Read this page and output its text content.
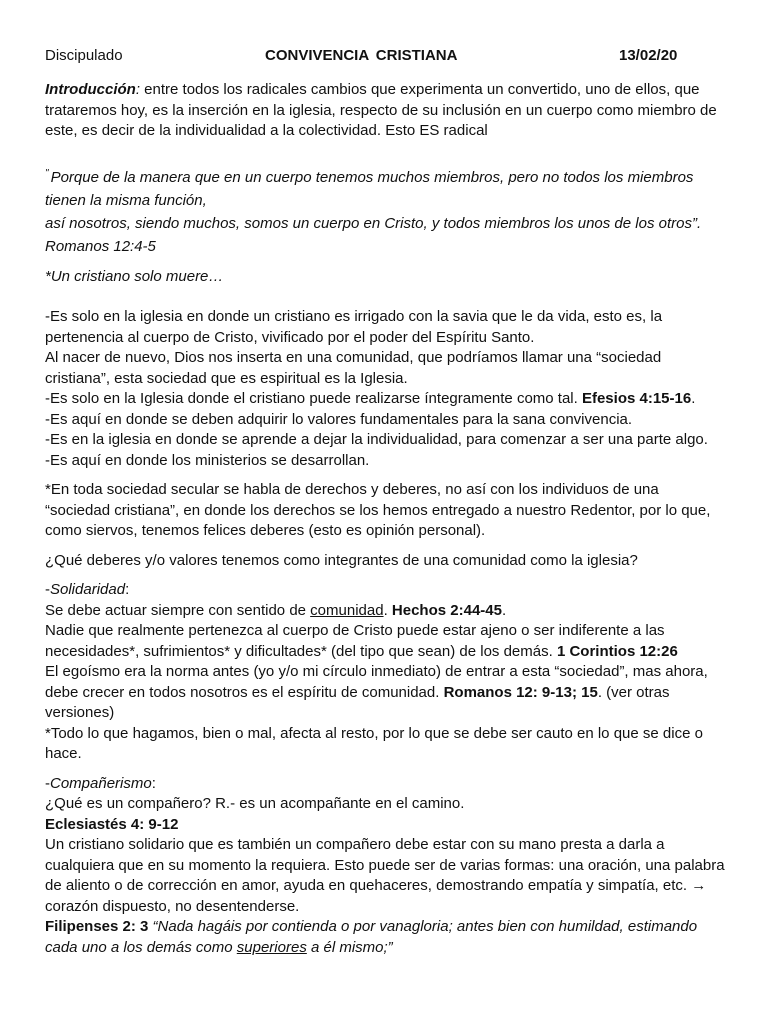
Discipulado	CONVIVENCIA CRISTIANA	13/02/20

Introducción: entre todos los radicales cambios que experimenta un convertido, uno de ellos, que trataremos hoy, es la inserción en la iglesia, respecto de su inclusión en un cuerpo como miembro de este, es decir de la individualidad a la colectividad. Esto ES radical

" Porque de la manera que en un cuerpo tenemos muchos miembros, pero no todos los miembros tienen la misma función,

así nosotros, siendo muchos, somos un cuerpo en Cristo, y todos miembros los unos de los otros”.

Romanos 12:4-5

*Un cristiano solo muere…

-Es solo en la iglesia en donde un cristiano es irrigado con la savia que le da vida, esto es, la pertenencia al cuerpo de Cristo, vivificado por el poder del Espíritu Santo.

Al nacer de nuevo, Dios nos inserta en una comunidad, que podríamos llamar una “sociedad cristiana”, esta sociedad que es espiritual es la Iglesia.

-Es solo en la Iglesia donde el cristiano puede realizarse íntegramente como tal. Efesios 4:15-16.

-Es aquí en donde se deben adquirir lo valores fundamentales para la sana convivencia.

-Es en la iglesia en donde se aprende a dejar la individualidad, para comenzar a ser una parte algo.

-Es aquí en donde los ministerios se desarrollan.

*En toda sociedad secular se habla de derechos y deberes, no así con los individuos de una “sociedad cristiana”, en donde los derechos se los hemos entregado a nuestro Redentor, por lo que, como siervos, tenemos felices deberes (esto es opinión personal).

¿Qué deberes y/o valores tenemos como integrantes de una comunidad como la iglesia?

-Solidaridad:

Se debe actuar siempre con sentido de comunidad. Hechos 2:44-45.

Nadie que realmente pertenezca al cuerpo de Cristo puede estar ajeno o ser indiferente a las necesidades*, sufrimientos* y dificultades* (del tipo que sean) de los demás. 1 Corintios 12:26

El egoísmo era la norma antes (yo y/o mi círculo inmediato) de entrar a esta “sociedad”, mas ahora, debe crecer en todos nosotros es el espíritu de comunidad. Romanos 12: 9-13; 15. (ver otras versiones)

*Todo lo que hagamos, bien o mal, afecta al resto, por lo que se debe ser cauto en lo que se dice o hace.

-Compañerismo:

¿Qué es un compañero? R.- es un acompañante en el camino.

Eclesiastés 4: 9-12

Un cristiano solidario que es también un compañero debe estar con su mano presta a darla a cualquiera que en su momento la requiera. Esto puede ser de varias formas: una oración, una palabra de aliento o de corrección en amor, ayuda en quehaceres, demostrando empatía y simpatía, etc. → corazón dispuesto, no desentenderse.

Filipenses 2: 3 “Nada hagáis por contienda o por vanagloria; antes bien con humildad, estimando cada uno a los demás como superiores a él mismo;”
